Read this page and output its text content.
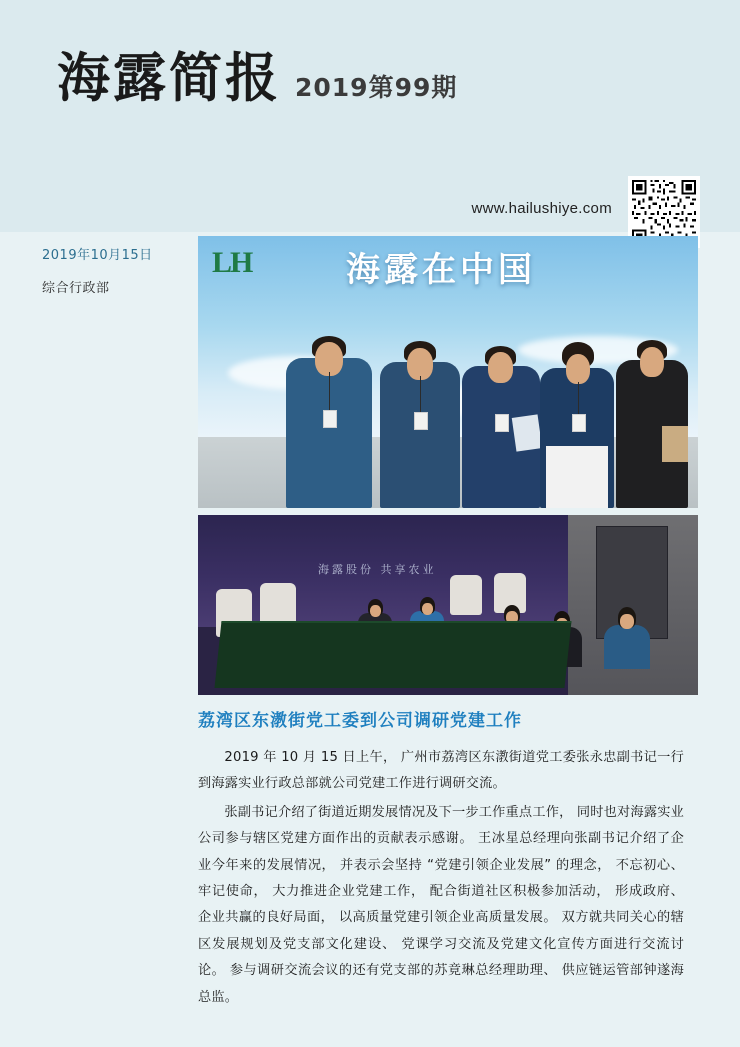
海露简报 2019第99期
www.hailushiye.com
2019年10月15日
综合行政部
LH	海露在中国
海露股份 共享农业
荔湾区东漖街党工委到公司调研党建工作

2019 年 10 月 15 日上午， 广州市荔湾区东漖街道党工委张永忠副书记一行到海露实业行政总部就公司党建工作进行调研交流。

张副书记介绍了街道近期发展情况及下一步工作重点工作， 同时也对海露实业公司参与辖区党建方面作出的贡献表示感谢。 王冰星总经理向张副书记介绍了企业今年来的发展情况， 并表示会坚持 “党建引领企业发展” 的理念， 不忘初心、 牢记使命， 大力推进企业党建工作， 配合街道社区积极参加活动， 形成政府、 企业共赢的良好局面， 以高质量党建引领企业高质量发展。 双方就共同关心的辖区发展规划及党支部文化建设、 党课学习交流及党建文化宣传方面进行交流讨论。 参与调研交流会议的还有党支部的苏竟琳总经理助理、 供应链运管部钟遂海总监。
